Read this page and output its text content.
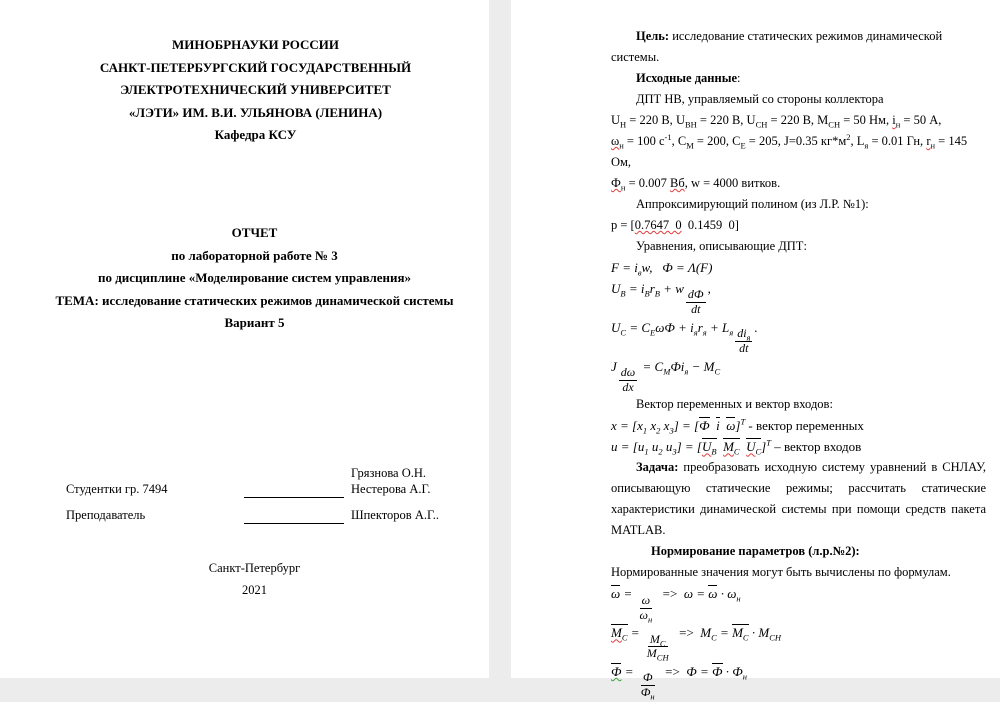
МИНОБРНАУКИ РОССИИ
САНКТ-ПЕТЕРБУРГСКИЙ ГОСУДАРСТВЕННЫЙ
ЭЛЕКТРОТЕХНИЧЕСКИЙ УНИВЕРСИТЕТ
«ЛЭТИ» ИМ. В.И. УЛЬЯНОВА (ЛЕНИНА)
Кафедра КСУ
ОТЧЕТ
по лабораторной работе № 3
по дисциплине «Моделирование систем управления»
ТЕМА: исследование статических режимов динамической системы
Вариант 5
Грязнова О.Н.
Студентки гр. 7494	Нестерова А.Г.
Преподаватель	Шпекторов А.Г..
Санкт-Петербург
2021

Цель: исследование статических режимов динамической системы.

Исходные данные:

ДПТ НВ, управляемый со стороны коллектора

$U_Н = 220$ В, $U_{ВН} = 220$ В, $U_{СН} = 220$ В, $M_{СН} = 50$ Нм, $i_н = 50$ А,

$\omega_н = 100$ $с^{-1}$, $С_М = 200$, $С_Е = 205$, J=0.35 $кг*м^2$, $L_я = 0.01$ Гн, $r_н = 145$ Ом,

$Ф_н = 0.007$ Вб, w = 4000 витков.

Аппроксимирующий полином (из Л.Р. №1):

p = [0.7647  0  0.1459  0]

Уравнения, описывающие ДПТ:

$F = i_вw$,   Ф = Λ(F)

$U_В = i_Вr_В + w \frac{dФ}{dt}$ ,

$U_С = С_Е\omega Ф + i_яr_я + L_я \frac{di_я}{dt}$ .

J $\frac{d\omega}{dx} = С_МФi_я - M_С$

Вектор переменных и вектор входов:

$x = [x_1$ $x_2$ $x_3] = [Ф$ i ω]$^T$ - вектор переменных

$u = [u_1$ $u_2$ $u_3] = [U_В$ $M_С$ $U_С]^T$ – вектор входов

Задача: преобразовать исходную систему уравнений в СНЛАУ, описывающую статические режимы; рассчитать статические характеристики динамической системы при помощи средств пакета MATLAB.

Нормирование параметров (л.р.№2):

Нормированные значения могут быть вычислены по формулам.

$\omega = \frac{\omega}{\omega_н} => \omega = \omega \cdot \omega_н$

$M_С = \frac{M_С}{M_{СН}} => M_С = M_С \cdot M_{СН}$

$Ф = \frac{Ф}{Ф_н} => Ф = Ф \cdot Ф_н$
